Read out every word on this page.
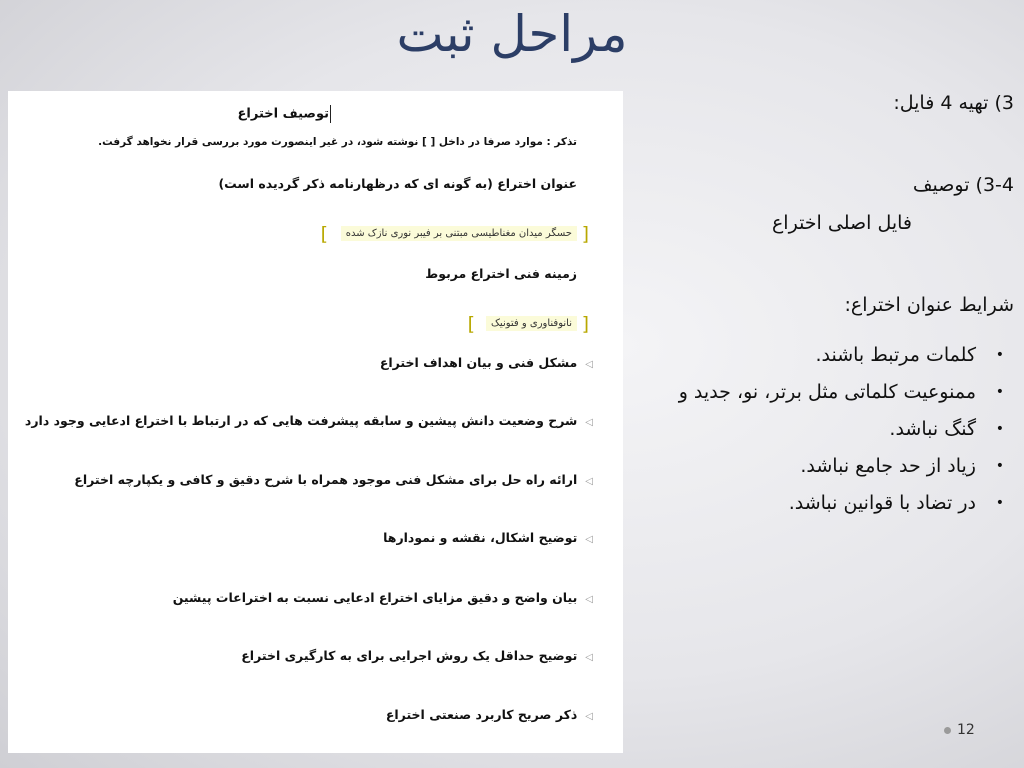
مراحل ثبت
توصیف اختراع
تذکر : موارد صرفا در داخل [ ] نوشته شود، در غیر اینصورت مورد بررسی قرار نخواهد گرفت.
عنوان اختراع (به گونه ای که درظهارنامه ذکر گردیده است)
[
حسگر میدان مغناطیسی مبتنی بر فیبر نوری نازک شده
]
زمینه فنی اختراع مربوط
[
نانوفناوری و فتونیک
]
◁مشکل فنی و بیان اهداف اختراع
◁شرح وضعیت دانش پیشین و سابقه پیشرفت هایی که در ارتباط با اختراع ادعایی وجود دارد
◁ارائه راه حل برای مشکل فنی موجود همراه با شرح دقیق و کافی و یکپارچه اختراع
◁توضیح اشکال، نقشه و نمودارها
◁بیان واضح و دقیق مزایای اختراع ادعایی نسبت به اختراعات پیشین
◁توضیح حداقل یک روش اجرایی برای به کارگیری اختراع
◁ذکر صریح کاربرد صنعتی اختراع
3) تهیه 4 فایل:
3-4) توصیف
فایل اصلی اختراع
شرایط عنوان اختراع:
•
کلمات مرتبط باشند.
•
ممنوعیت کلماتی مثل برتر، نو، جدید و
•
گنگ نباشد.
•
زیاد از حد جامع نباشد.
•
در تضاد با قوانین نباشد.
12
